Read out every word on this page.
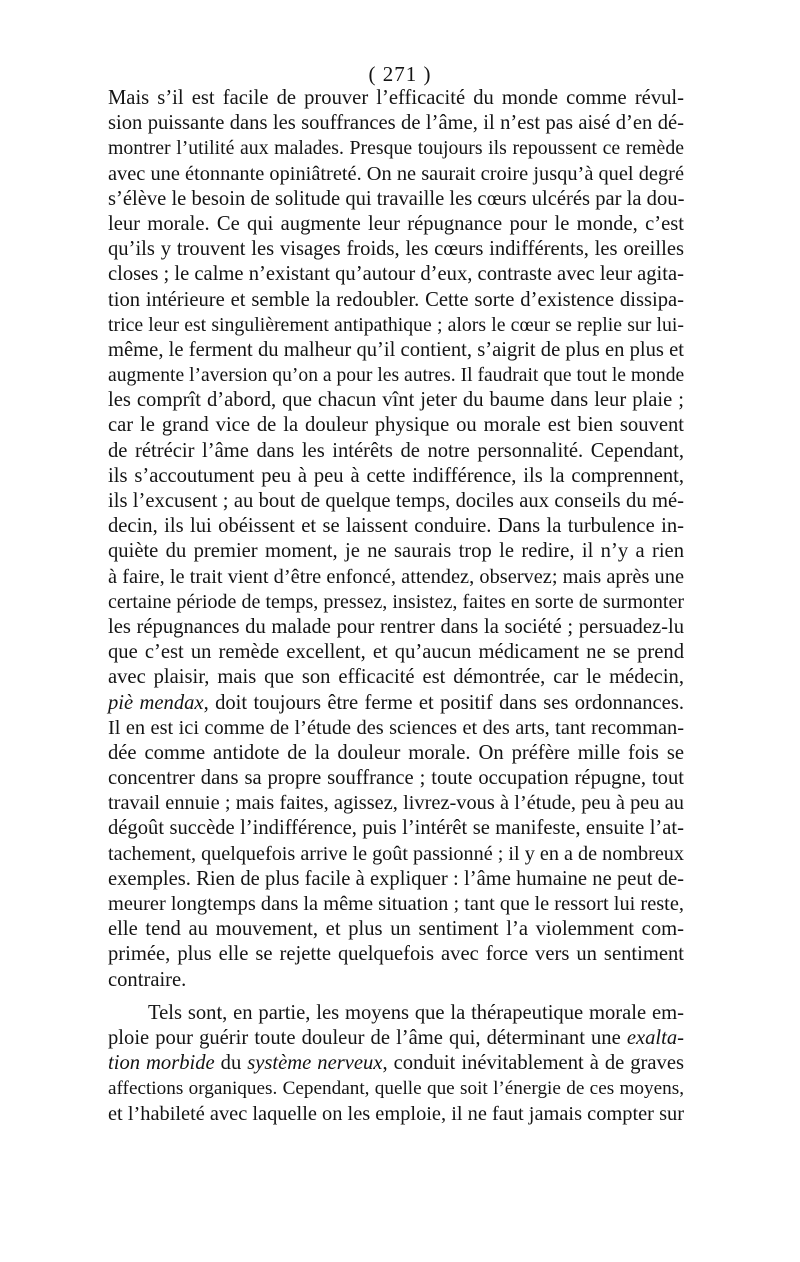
( 271 )
Mais s’il est facile de prouver l’efficacité du monde comme révul-
sion puissante dans les souffrances de l’âme, il n’est pas aisé d’en dé-
montrer l’utilité aux malades. Presque toujours ils repoussent ce remède
avec une étonnante opiniâtreté. On ne saurait croire jusqu’à quel degré
s’élève le besoin de solitude qui travaille les cœurs ulcérés par la dou-
leur morale. Ce qui augmente leur répugnance pour le monde, c’est
qu’ils y trouvent les visages froids, les cœurs indifférents, les oreilles
closes ; le calme n’existant qu’autour d’eux, contraste avec leur agita-
tion intérieure et semble la redoubler. Cette sorte d’existence dissipa-
trice leur est singulièrement antipathique ; alors le cœur se replie sur lui-
même, le ferment du malheur qu’il contient, s’aigrit de plus en plus et
augmente l’aversion qu’on a pour les autres. Il faudrait que tout le monde
les comprît d’abord, que chacun vînt jeter du baume dans leur plaie ;
car le grand vice de la douleur physique ou morale est bien souvent
de rétrécir l’âme dans les intérêts de notre personnalité. Cependant,
ils s’accoutument peu à peu à cette indifférence, ils la comprennent,
ils l’excusent ; au bout de quelque temps, dociles aux conseils du mé-
decin, ils lui obéissent et se laissent conduire. Dans la turbulence in-
quiète du premier moment, je ne saurais trop le redire, il n’y a rien
à faire, le trait vient d’être enfoncé, attendez, observez; mais après une
certaine période de temps, pressez, insistez, faites en sorte de surmonter
les répugnances du malade pour rentrer dans la société ; persuadez-lu
que c’est un remède excellent, et qu’aucun médicament ne se prend
avec plaisir, mais que son efficacité est démontrée, car le médecin,
piè mendax, doit toujours être ferme et positif dans ses ordonnances.
Il en est ici comme de l’étude des sciences et des arts, tant recomman-
dée comme antidote de la douleur morale. On préfère mille fois se
concentrer dans sa propre souffrance ; toute occupation répugne, tout
travail ennuie ; mais faites, agissez, livrez-vous à l’étude, peu à peu au
dégoût succède l’indifférence, puis l’intérêt se manifeste, ensuite l’at-
tachement, quelquefois arrive le goût passionné ; il y en a de nombreux
exemples. Rien de plus facile à expliquer : l’âme humaine ne peut de-
meurer longtemps dans la même situation ; tant que le ressort lui reste,
elle tend au mouvement, et plus un sentiment l’a violemment com-
primée, plus elle se rejette quelquefois avec force vers un sentiment
contraire.
Tels sont, en partie, les moyens que la thérapeutique morale em-
ploie pour guérir toute douleur de l’âme qui, déterminant une exalta-
tion morbide du système nerveux, conduit inévitablement à de graves
affections organiques. Cependant, quelle que soit l’énergie de ces moyens,
et l’habileté avec laquelle on les emploie, il ne faut jamais compter sur
